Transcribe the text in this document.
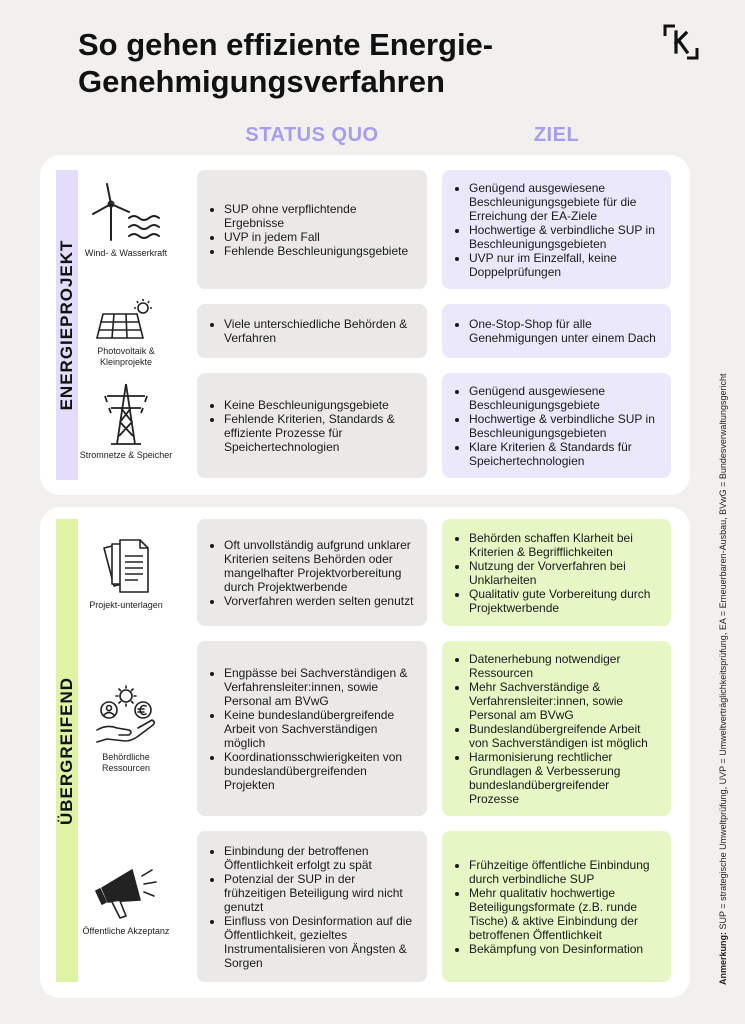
So gehen effiziente Energie-
Genehmigungsverfahren
STATUS QUO	ZIEL
ENERGIEPROJEKT Wind- & Wasserkraft
Photovoltaik & Kleinprojekte
Stromnetze & Speicher
• SUP ohne verpflichtende Ergebnisse
• UVP in jedem Fall
• Fehlende Beschleunigungsgebiete
• Genügend ausgewiesene Beschleunigungsgebiete für die Erreichung der EA-Ziele
• Hochwertige & verbindliche SUP in Beschleunigungsgebieten
• UVP nur im Einzelfall, keine Doppelprüfungen
• Viele unterschiedliche Behörden & Verfahren
• One-Stop-Shop für alle Genehmigungen unter einem Dach
• Keine Beschleunigungsgebiete
• Fehlende Kriterien, Standards & effiziente Prozesse für Speichertechnologien
• Genügend ausgewiesene Beschleunigungsgebiete
• Hochwertige & verbindliche SUP in Beschleunigungsgebieten
• Klare Kriterien & Standards für Speichertechnologien
ÜBERGREIFEND
Projekt-unterlagen
Behördliche Ressourcen
Öffentliche Akzeptanz
• Oft unvollständig aufgrund unklarer Kriterien seitens Behörden oder mangelhafter Projektvorbereitung durch Projektwerbende
• Vorverfahren werden selten genutzt
• Behörden schaffen Klarheit bei Kriterien & Begrifflichkeiten
• Nutzung der Vorverfahren bei Unklarheiten
• Qualitativ gute Vorbereitung durch Projektwerbende
• Engpässe bei Sachverständigen & Verfahrensleiter:innen, sowie Personal am BVwG
• Keine bundeslandübergreifende Arbeit von Sachverständigen möglich
• Koordinationsschwierigkeiten von bundeslandübergreifenden Projekten
• Datenerhebung notwendiger Ressourcen
• Mehr Sachverständige & Verfahrensleiter:innen, sowie Personal am BVwG
• Bundeslandübergreifende Arbeit von Sachverständigen ist möglich
• Harmonisierung rechtlicher Grundlagen & Verbesserung bundeslandübergreifender Prozesse
• Einbindung der betroffenen Öffentlichkeit erfolgt zu spät
• Potenzial der SUP in der frühzeitigen Beteiligung wird nicht genutzt
• Einfluss von Desinformation auf die Öffentlichkeit, gezieltes Instrumentalisieren von Ängsten & Sorgen
• Frühzeitige öffentliche Einbindung durch verbindliche SUP
• Mehr qualitativ hochwertige Beteiligungsformate (z.B. runde Tische) & aktive Einbindung der betroffenen Öffentlichkeit
• Bekämpfung von Desinformation	Anmerkung: SUP = strategische Umweltprüfung, UVP = Umweltverträglichkeitsprüfung, EA = Erneuerbaren-Ausbau, BVwG = Bundesverwaltungsgericht
